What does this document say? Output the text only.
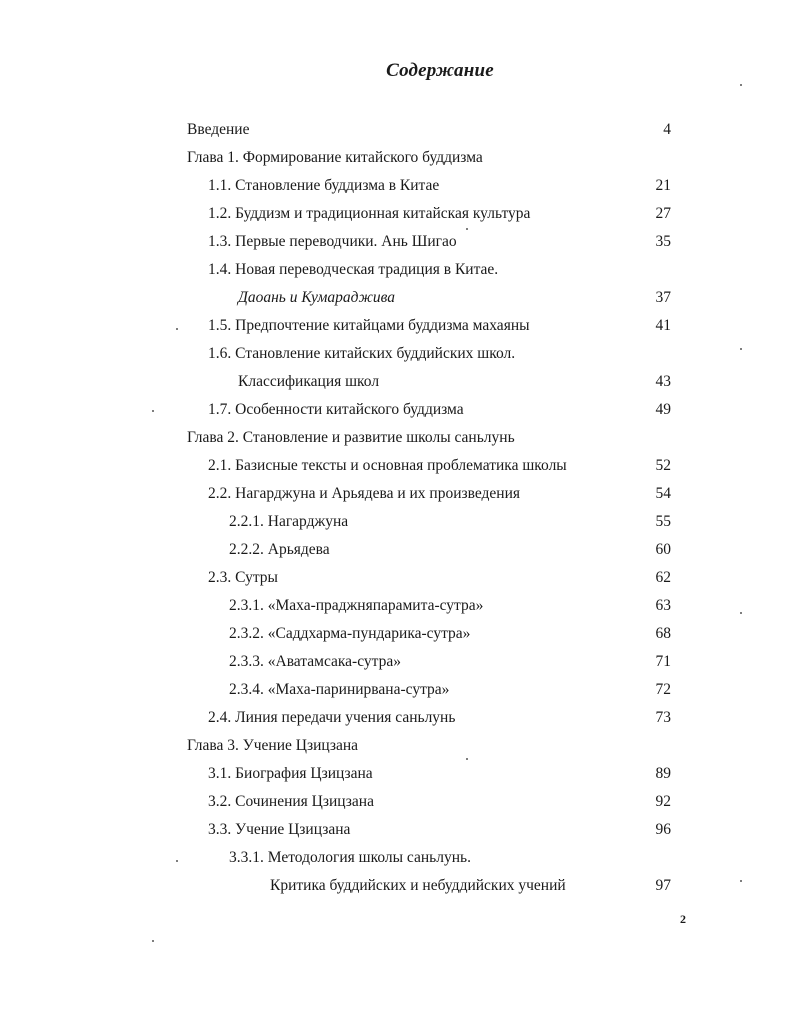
Содержание
Введение	4
Глава 1. Формирование китайского буддизма
1.1. Становление буддизма в Китае	21
1.2. Буддизм и традиционная китайская культура	27
1.3. Первые переводчики. Ань Шигао	35
1.4. Новая переводческая традиция в Китае.
Даоань и Кумараджива	37
1.5. Предпочтение китайцами буддизма махаяны	41
1.6. Становление китайских буддийских школ.
Классификация школ	43
1.7. Особенности китайского буддизма	49
Глава 2. Становление и развитие школы саньлунь
2.1. Базисные тексты и основная проблематика школы	52
2.2. Нагарджуна и Арьядева и их произведения	54
2.2.1. Нагарджуна	55
2.2.2. Арьядева	60
2.3. Сутры	62
2.3.1. «Маха-праджняпарамита-сутра»	63
2.3.2. «Саддхарма-пундарика-сутра»	68
2.3.3. «Аватамсака-сутра»	71
2.3.4. «Маха-паринирвана-сутра»	72
2.4. Линия передачи учения саньлунь	73
Глава 3. Учение Цзицзана
3.1. Биография Цзицзана	89
3.2. Сочинения Цзицзана	92
3.3. Учение Цзицзана	96
3.3.1. Методология школы саньлунь.
Критика буддийских и небуддийских учений	97
2
